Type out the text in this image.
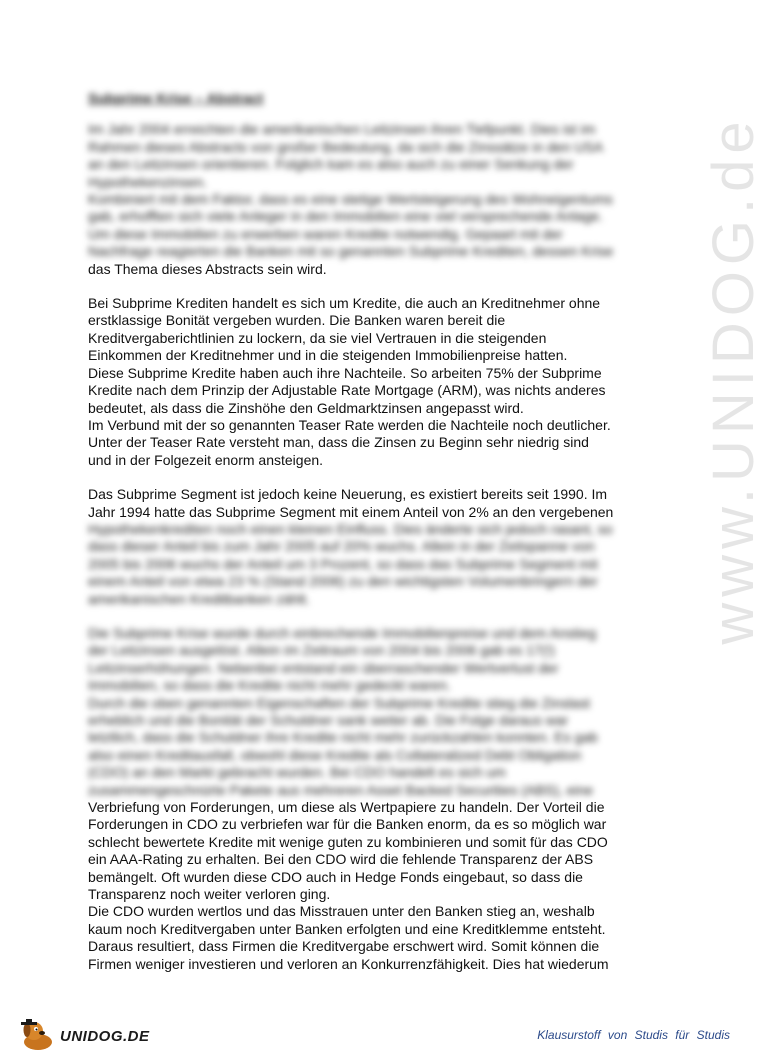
www.UNIDOG.de
Subprime Krise – Abstract
Im Jahr 2004 erreichten die amerikanischen Leitzinsen ihren Tiefpunkt. Dies ist im
Rahmen dieses Abstracts von großer Bedeutung, da sich die Zinssätze in den USA
an den Leitzinsen orientieren. Folglich kam es also auch zu einer Senkung der
Hypothekenzinsen.
Kombiniert mit dem Faktor, dass es eine stetige Wertsteigerung des Wohneigentums
gab, erhofften sich viele Anleger in den Immobilien eine viel versprechende Anlage.
Um diese Immobilien zu erwerben waren Kredite notwendig. Gepaart mit der
Nachfrage reagierten die Banken mit so genannten Subprime Krediten, dessen Krise
das Thema dieses Abstracts sein wird.
Bei Subprime Krediten handelt es sich um Kredite, die auch an Kreditnehmer ohne
erstklassige Bonität vergeben wurden. Die Banken waren bereit die
Kreditvergaberichtlinien zu lockern, da sie viel Vertrauen in die steigenden
Einkommen der Kreditnehmer und in die steigenden Immobilienpreise hatten.
Diese Subprime Kredite haben auch ihre Nachteile. So arbeiten 75% der Subprime
Kredite nach dem Prinzip der Adjustable Rate Mortgage (ARM), was nichts anderes
bedeutet, als dass die Zinshöhe den Geldmarktzinsen angepasst wird.
Im Verbund mit der so genannten Teaser Rate werden die Nachteile noch deutlicher.
Unter der Teaser Rate versteht man, dass die Zinsen zu Beginn sehr niedrig sind
und in der Folgezeit enorm ansteigen.
Das Subprime Segment ist jedoch keine Neuerung, es existiert bereits seit 1990. Im
Jahr 1994 hatte das Subprime Segment mit einem Anteil von 2% an den vergebenen
Hypothekenkrediten noch einen kleinen Einfluss. Dies änderte sich jedoch rasant, so
dass dieser Anteil bis zum Jahr 2005 auf 20% wuchs. Allein in der Zeitspanne von
2005 bis 2006 wuchs der Anteil um 3 Prozent, so dass das Subprime Segment mit
einem Anteil von etwa 23 % (Stand 2006) zu den wichtigsten Volumenbringern der
amerikanischen Kreditbanken zählt.
Die Subprime Krise wurde durch einbrechende Immobilienpreise und dem Anstieg
der Leitzinsen ausgelöst. Allein im Zeitraum von 2004 bis 2006 gab es 17(!)
Leitzinserhöhungen. Nebenbei entstand ein überraschender Wertverlust der
Immobilien, so dass die Kredite nicht mehr gedeckt waren.
Durch die oben genannten Eigenschaften der Subprime Kredite stieg die Zinslast
erheblich und die Bonität der Schuldner sank weiter ab. Die Folge daraus war
letztlich, dass die Schuldner ihre Kredite nicht mehr zurückzahlen konnten. Es gab
also einen Kreditausfall, obwohl diese Kredite als Collateralized Debt Obligation
(CDO) an den Markt gebracht wurden. Bei CDO handelt es sich um
zusammengeschnürte Pakete aus mehreren Asset Backed Securities (ABS), eine
Verbriefung von Forderungen, um diese als Wertpapiere zu handeln. Der Vorteil die
Forderungen in CDO zu verbriefen war für die Banken enorm, da es so möglich war
schlecht bewertete Kredite mit wenige guten zu kombinieren und somit für das CDO
ein AAA-Rating zu erhalten. Bei den CDO wird die fehlende Transparenz der ABS
bemängelt. Oft wurden diese CDO auch in Hedge Fonds eingebaut, so dass die
Transparenz noch weiter verloren ging.
Die CDO wurden wertlos und das Misstrauen unter den Banken stieg an, weshalb
kaum noch Kreditvergaben unter Banken erfolgten und eine Kreditklemme entsteht.
Daraus resultiert, dass Firmen die Kreditvergabe erschwert wird. Somit können die
Firmen weniger investieren und verloren an Konkurrenzfähigkeit. Dies hat wiederum
UNIDOG.DE	Klausurstoff von Studis für Studis
